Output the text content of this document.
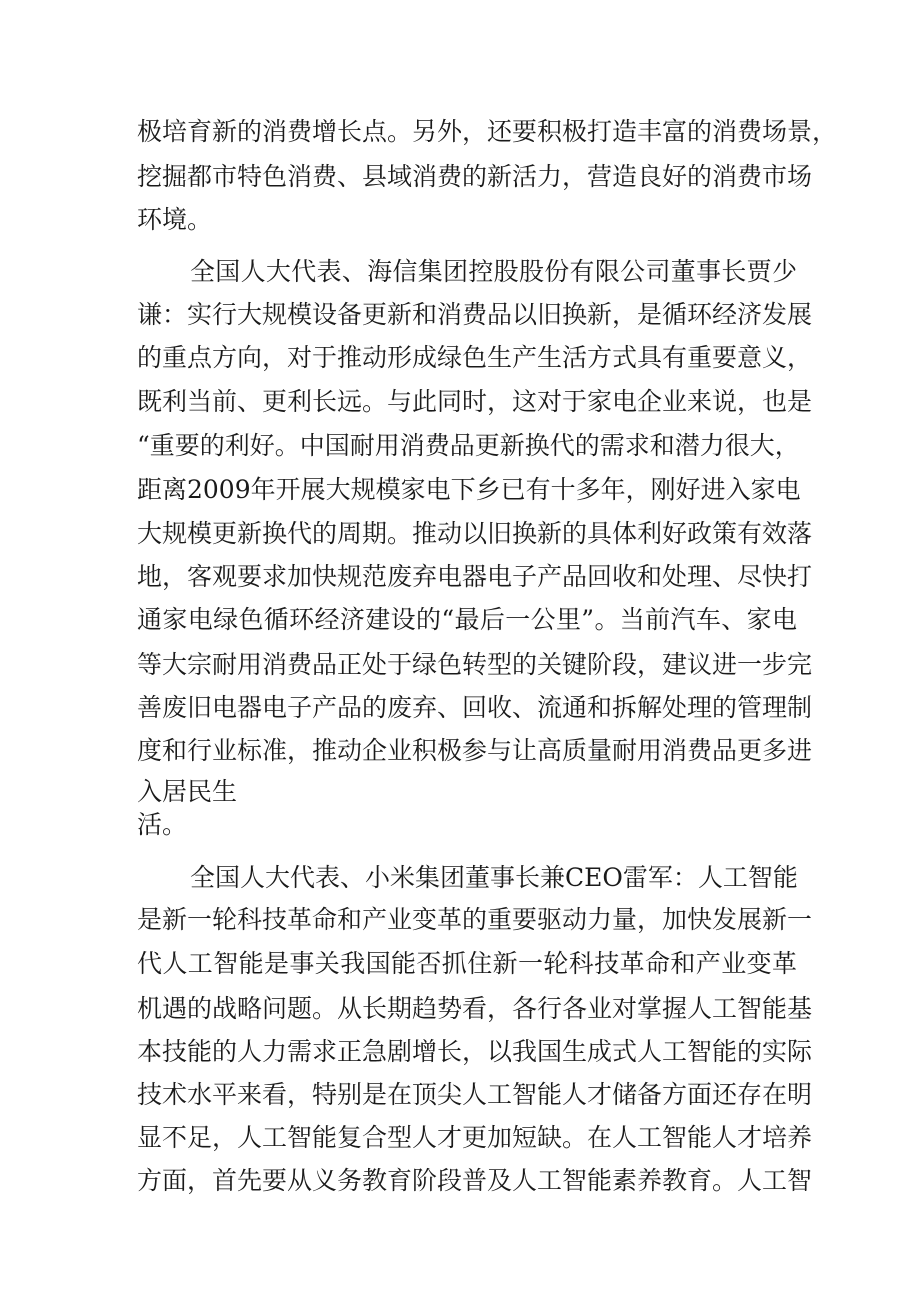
极培育新的消费增长点。另外，还要积极打造丰富的消费场景，

挖掘都市特色消费、县域消费的新活力，营造良好的消费市场

环境。

全国人大代表、海信集团控股股份有限公司董事长贾少

谦：实行大规模设备更新和消费品以旧换新，是循环经济发展

的重点方向，对于推动形成绿色生产生活方式具有重要意义，

既利当前、更利长远。与此同时，这对于家电企业来说，也是

“重要的利好。中国耐用消费品更新换代的需求和潜力很大，

距离2009年开展大规模家电下乡已有十多年，刚好进入家电

大规模更新换代的周期。推动以旧换新的具体利好政策有效落

地，客观要求加快规范废弃电器电子产品回收和处理、尽快打

通家电绿色循环经济建设的“最后一公里”。当前汽车、家电

等大宗耐用消费品正处于绿色转型的关键阶段，建议进一步完

善废旧电器电子产品的废弃、回收、流通和拆解处理的管理制

度和行业标准，推动企业积极参与让高质量耐用消费品更多进

入居民生

活。

全国人大代表、小米集团董事长兼CEO雷军：人工智能

是新一轮科技革命和产业变革的重要驱动力量，加快发展新一

代人工智能是事关我国能否抓住新一轮科技革命和产业变革

机遇的战略问题。从长期趋势看，各行各业对掌握人工智能基

本技能的人力需求正急剧增长，以我国生成式人工智能的实际

技术水平来看，特别是在顶尖人工智能人才储备方面还存在明

显不足，人工智能复合型人才更加短缺。在人工智能人才培养

方面，首先要从义务教育阶段普及人工智能素养教育。人工智
